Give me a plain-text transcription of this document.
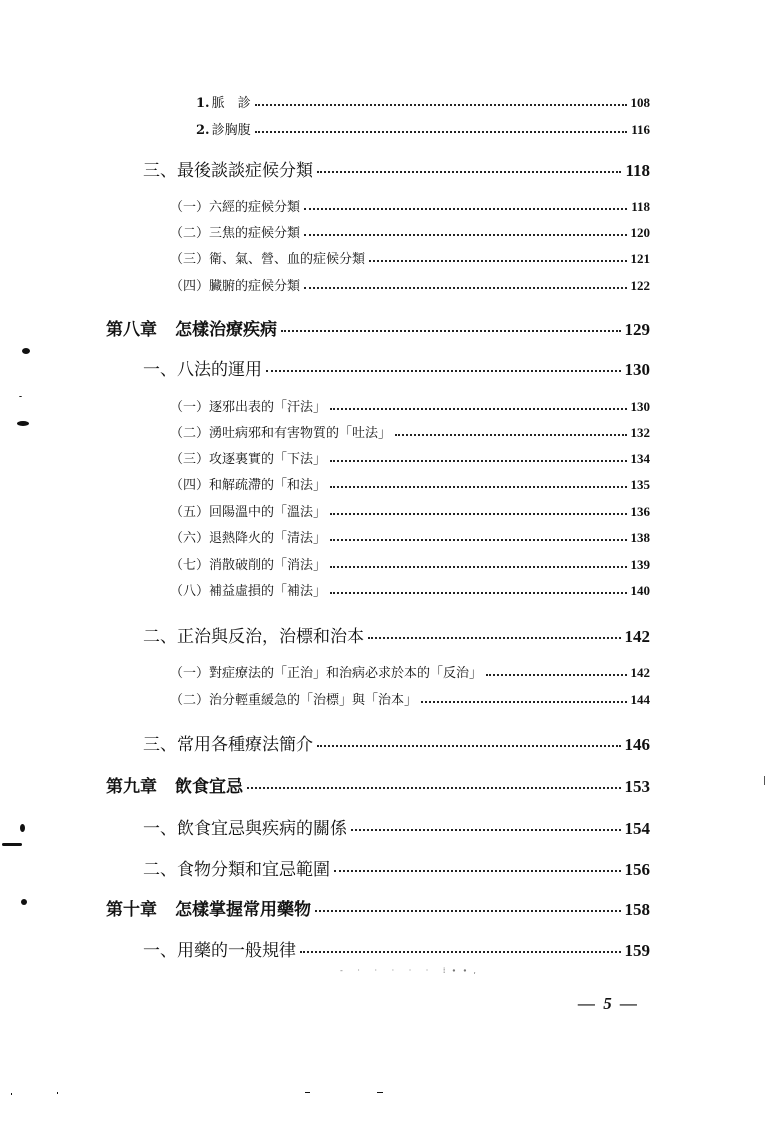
1. 脈　診	108
2. 診胸腹	116
三、最後談談症候分類	118
（一）六經的症候分類	118
（二）三焦的症候分類	120
（三）衛、氣、營、血的症候分類	121
（四）臟腑的症候分類	122
第八章 怎樣治療疾病	129
一、八法的運用	130
（一）逐邪出表的「汗法」	130
（二）湧吐病邪和有害物質的「吐法」	132
（三）攻逐裏實的「下法」	134
（四）和解疏滯的「和法」	135
（五）回陽溫中的「溫法」	136
（六）退熱降火的「清法」	138
（七）消散破削的「消法」	139
（八）補益虛損的「補法」	140
二、正治與反治，治標和治本	142
（一）對症療法的「正治」和治病必求於本的「反治」	142
（二）治分輕重緩急的「治標」與「治本」	144
三、常用各種療法簡介	146
第九章 飲食宜忌	153
一、飲食宜忌與疾病的關係	154
二、食物分類和宜忌範圍	156
第十章 怎樣掌握常用藥物	158
一、用藥的一般規律	159
- · · · · · ⁞∙∙,
— 5 —
